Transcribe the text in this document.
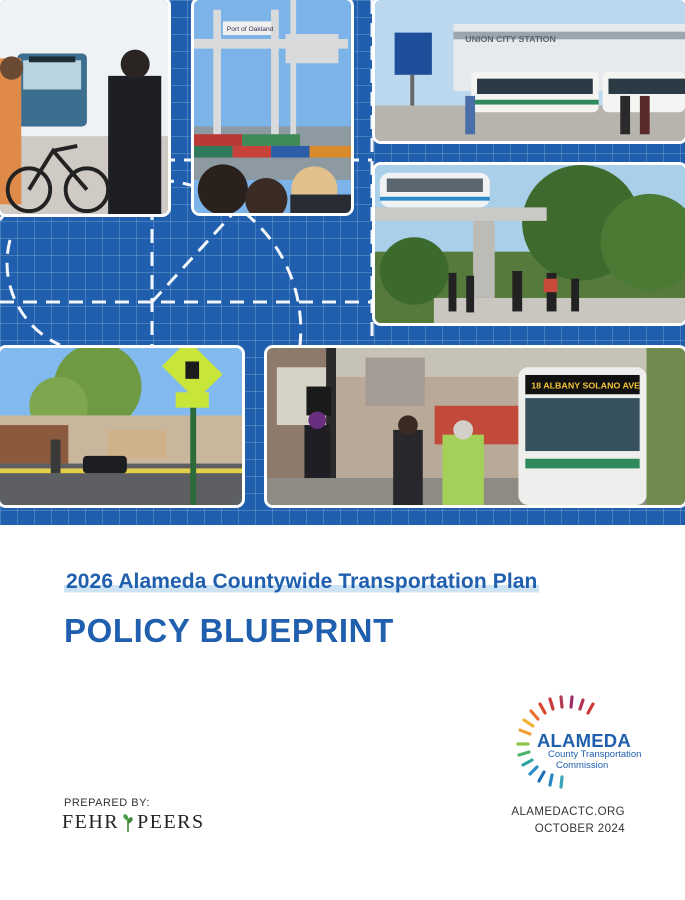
Port of Oakland
UNION CITY STATION
18 ALBANY SOLANO AVE
2026 Alameda Countywide Transportation Plan
POLICY BLUEPRINT
ALAMEDA
County Transportation
Commission
PREPARED BY:
FEHR PEERS	ALAMEDACTC.ORG
OCTOBER 2024
